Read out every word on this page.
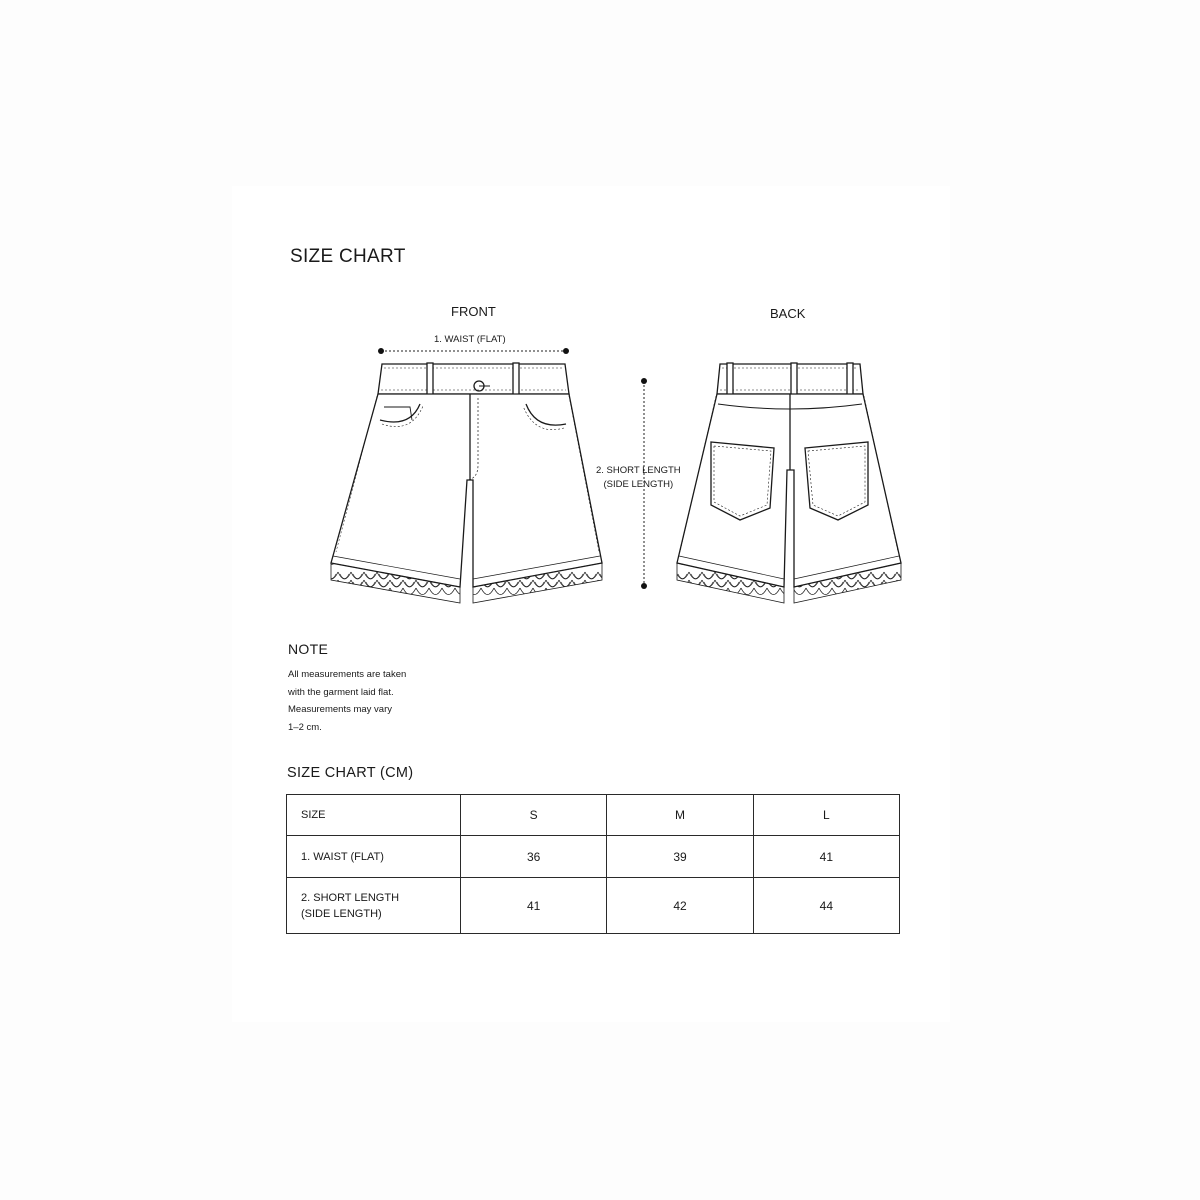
SIZE CHART
FRONT	BACK
1. WAIST (FLAT)
2. SHORT LENGTH
(SIDE LENGTH)
NOTE
All measurements are taken
with the garment laid flat.
Measurements may vary
1–2 cm.
SIZE CHART (CM)
SIZE	S	M	L
1. WAIST (FLAT)	36	39	41
2. SHORT LENGTH
(SIDE LENGTH)	41	42	44
